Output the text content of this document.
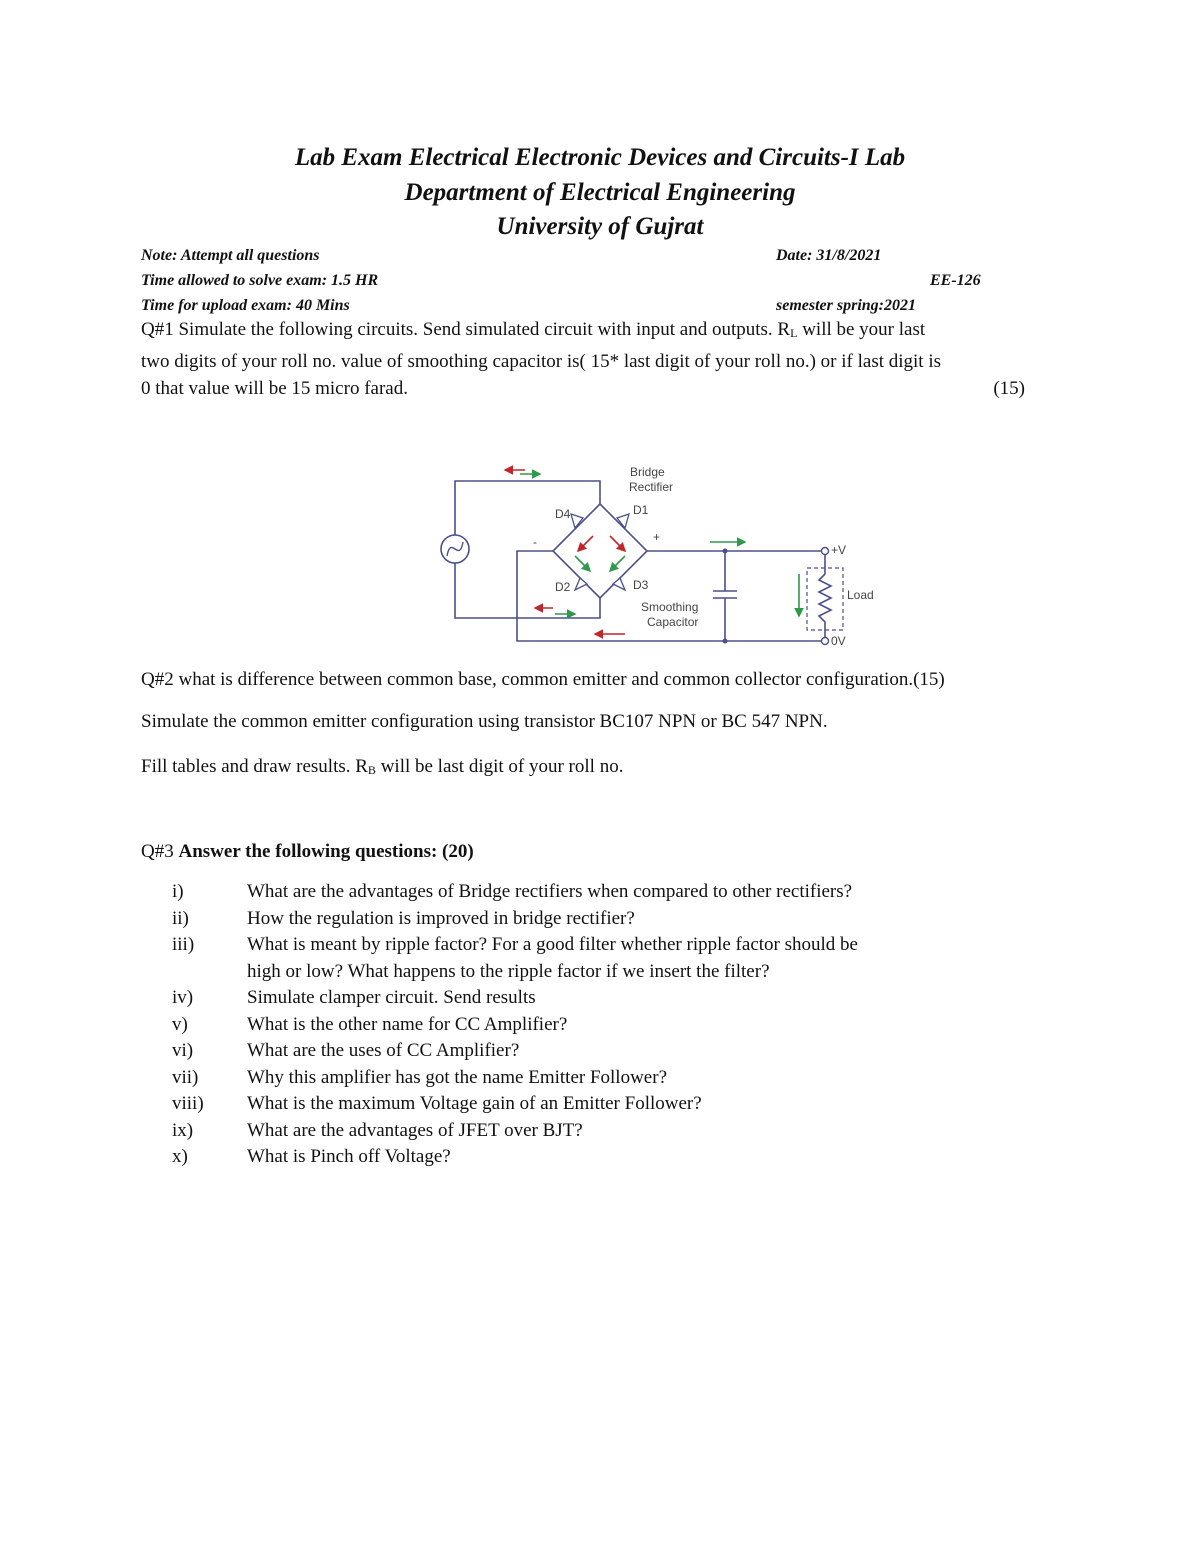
Lab Exam Electrical Electronic Devices and Circuits-I Lab
Department of Electrical Engineering
University of Gujrat
Note: Attempt all questions	Date: 31/8/2021
Time allowed to solve exam: 1.5 HR	EE-126
Time for upload exam: 40 Mins	semester spring:2021
Q#1 Simulate the following circuits. Send simulated circuit with input and outputs. $R_L$ will be your last
two digits of your roll no. value of smoothing capacitor is( 15* last digit of your roll no.) or if last digit is
0 that value will be 15 micro farad.	(15)
Bridge
Rectifier
D1
D4
D2	D3
+
-
+V
0V
Load
Smoothing
Capacitor
Q#2 what is difference between common base, common emitter and common collector configuration.(15)
Simulate the common emitter configuration using transistor BC107 NPN or BC 547 NPN.
Fill tables and draw results. $R_B$ will be last digit of your roll no.
Q#3 Answer the following questions: (20)
i)	What are the advantages of Bridge rectifiers when compared to other rectifiers?
ii)	How the regulation is improved in bridge rectifier?
iii)	What is meant by ripple factor? For a good filter whether ripple factor should be
high or low? What happens to the ripple factor if we insert the filter?
iv)	Simulate clamper circuit. Send results
v)	What is the other name for CC Amplifier?
vi)	What are the uses of CC Amplifier?
vii)	Why this amplifier has got the name Emitter Follower?
viii)	What is the maximum Voltage gain of an Emitter Follower?
ix)	What are the advantages of JFET over BJT?
x)	What is Pinch off Voltage?
